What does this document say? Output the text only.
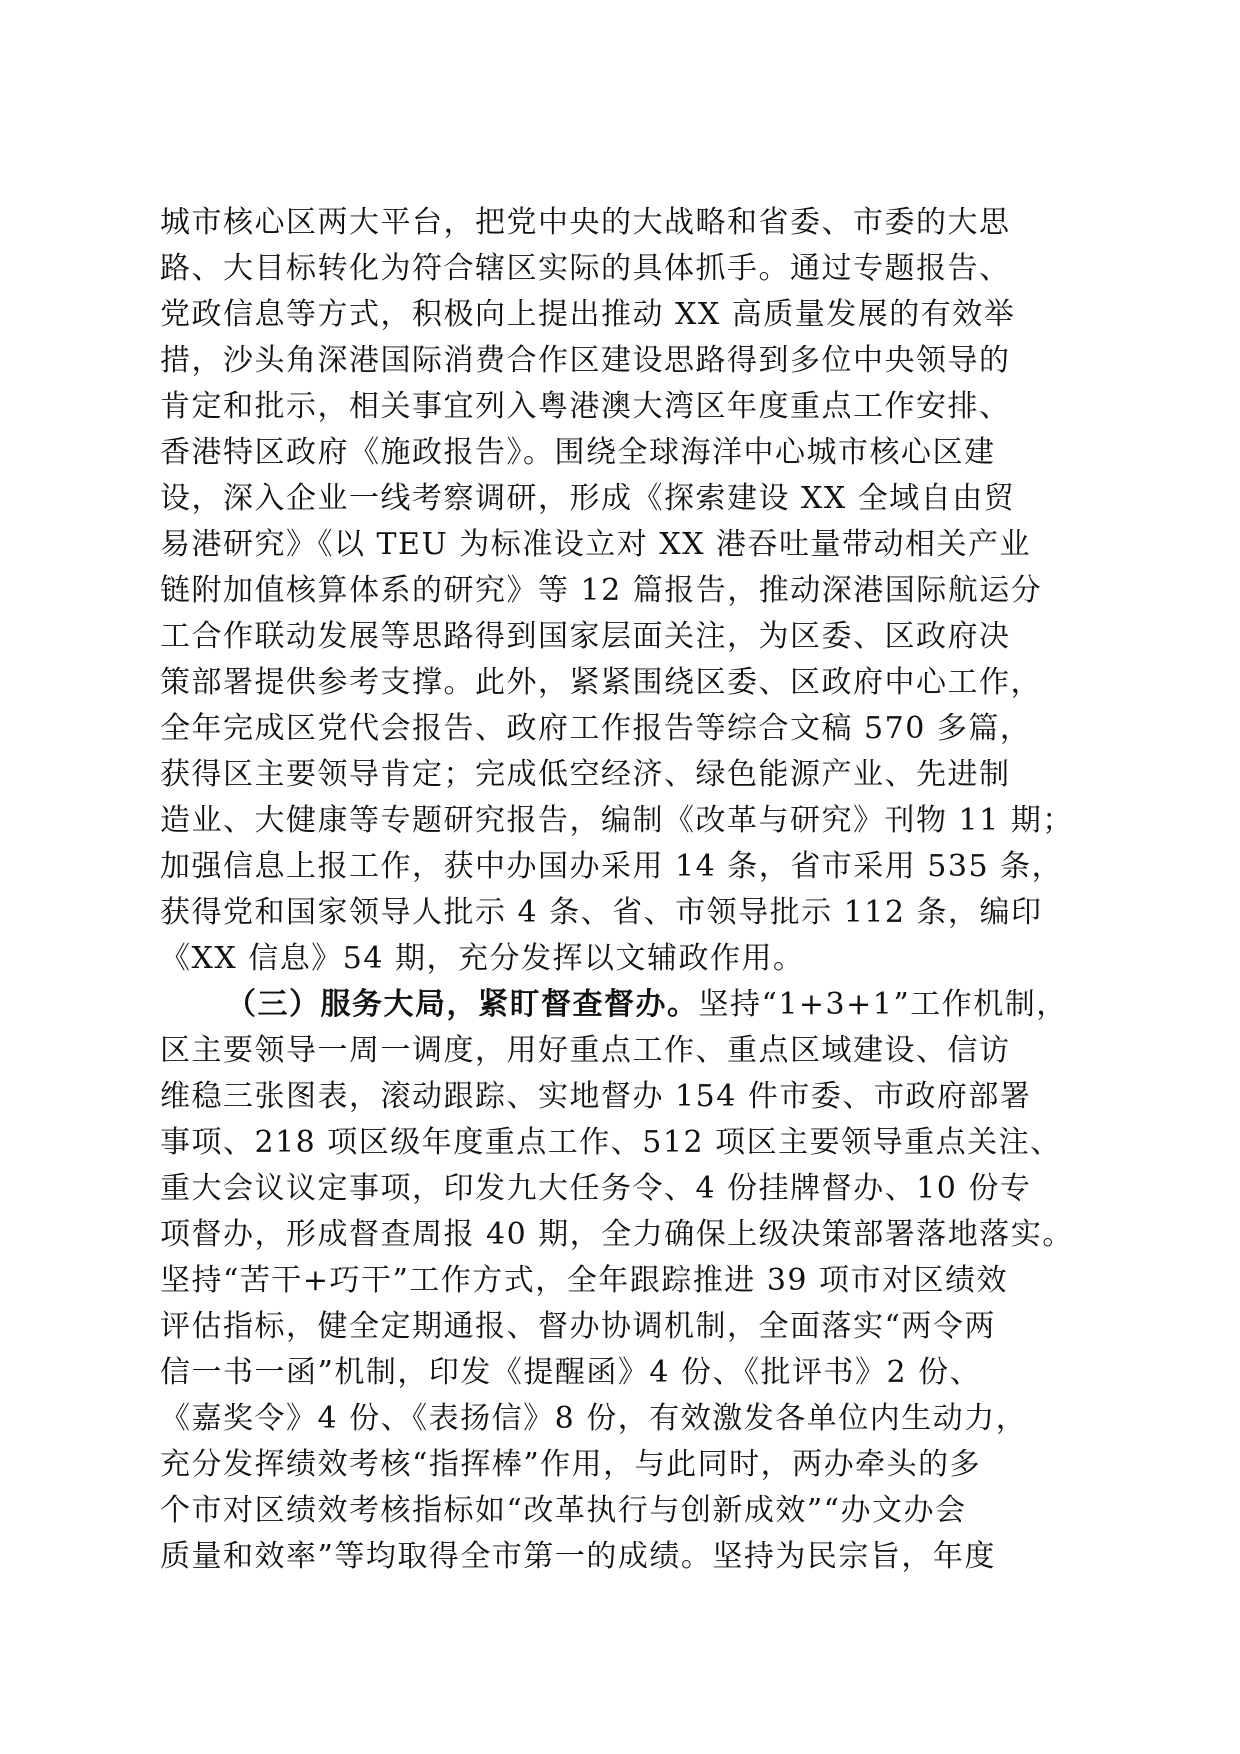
城市核心区两大平台，把党中央的大战略和省委、市委的大思
路、大目标转化为符合辖区实际的具体抓手。通过专题报告、
党政信息等方式，积极向上提出推动 XX 高质量发展的有效举
措，沙头角深港国际消费合作区建设思路得到多位中央领导的
肯定和批示，相关事宜列入粤港澳大湾区年度重点工作安排、
香港特区政府《施政报告》。围绕全球海洋中心城市核心区建
设，深入企业一线考察调研，形成《探索建设 XX 全域自由贸
易港研究》《以 TEU 为标准设立对 XX 港吞吐量带动相关产业
链附加值核算体系的研究》等 12 篇报告，推动深港国际航运分
工合作联动发展等思路得到国家层面关注，为区委、区政府决
策部署提供参考支撑。此外，紧紧围绕区委、区政府中心工作，
全年完成区党代会报告、政府工作报告等综合文稿 570 多篇，
获得区主要领导肯定；完成低空经济、绿色能源产业、先进制
造业、大健康等专题研究报告，编制《改革与研究》刊物 11 期；
加强信息上报工作，获中办国办采用 14 条，省市采用 535 条，
获得党和国家领导人批示 4 条、省、市领导批示 112 条，编印
《XX 信息》54 期，充分发挥以文辅政作用。
（三）服务大局，紧盯督查督办。坚持“1+3+1”工作机制，
区主要领导一周一调度，用好重点工作、重点区域建设、信访
维稳三张图表，滚动跟踪、实地督办 154 件市委、市政府部署
事项、218 项区级年度重点工作、512 项区主要领导重点关注、
重大会议议定事项，印发九大任务令、4 份挂牌督办、10 份专
项督办，形成督查周报 40 期，全力确保上级决策部署落地落实。
坚持“苦干+巧干”工作方式，全年跟踪推进 39 项市对区绩效
评估指标，健全定期通报、督办协调机制，全面落实“两令两
信一书一函”机制，印发《提醒函》4 份、《批评书》2 份、
《嘉奖令》4 份、《表扬信》8 份，有效激发各单位内生动力，
充分发挥绩效考核“指挥棒”作用，与此同时，两办牵头的多
个市对区绩效考核指标如“改革执行与创新成效”“办文办会
质量和效率”等均取得全市第一的成绩。坚持为民宗旨，年度
